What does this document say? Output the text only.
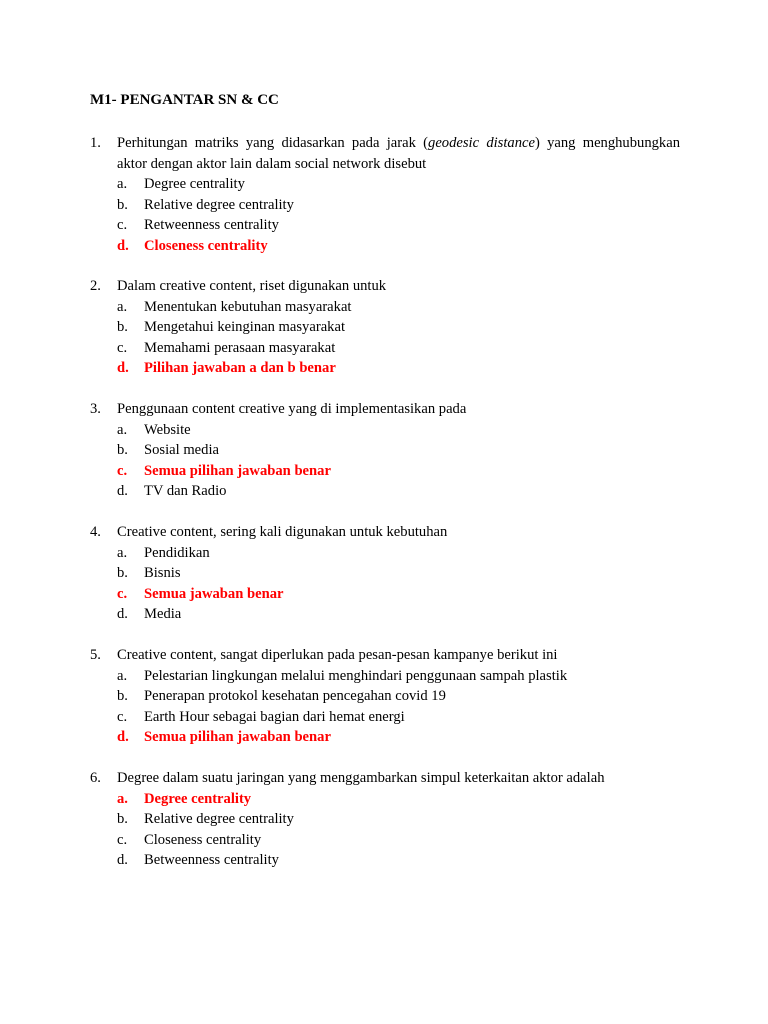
M1- PENGANTAR SN & CC
1.	Perhitungan matriks yang didasarkan pada jarak (geodesic distance) yang menghubungkan aktor dengan aktor lain dalam social network disebut
a.	Degree centrality
b.	Relative degree centrality
c.	Retweenness centrality
d.	Closeness centrality
2.	Dalam creative content, riset digunakan untuk
a.	Menentukan kebutuhan masyarakat
b.	Mengetahui keinginan masyarakat
c.	Memahami perasaan masyarakat
d.	Pilihan jawaban a dan b benar
3.	Penggunaan content creative yang di implementasikan pada
a.	Website
b.	Sosial media
c.	Semua pilihan jawaban benar
d.	TV dan Radio
4.	Creative content, sering kali digunakan untuk kebutuhan
a.	Pendidikan
b.	Bisnis
c.	Semua jawaban benar
d.	Media
5.	Creative content, sangat diperlukan pada pesan-pesan kampanye berikut ini
a.	Pelestarian lingkungan melalui menghindari penggunaan sampah plastik
b.	Penerapan protokol kesehatan pencegahan covid 19
c.	Earth Hour sebagai bagian dari hemat energi
d.	Semua pilihan jawaban benar
6.	Degree dalam suatu jaringan yang menggambarkan simpul keterkaitan aktor adalah
a.	Degree centrality
b.	Relative degree centrality
c.	Closeness centrality
d.	Betweenness centrality
